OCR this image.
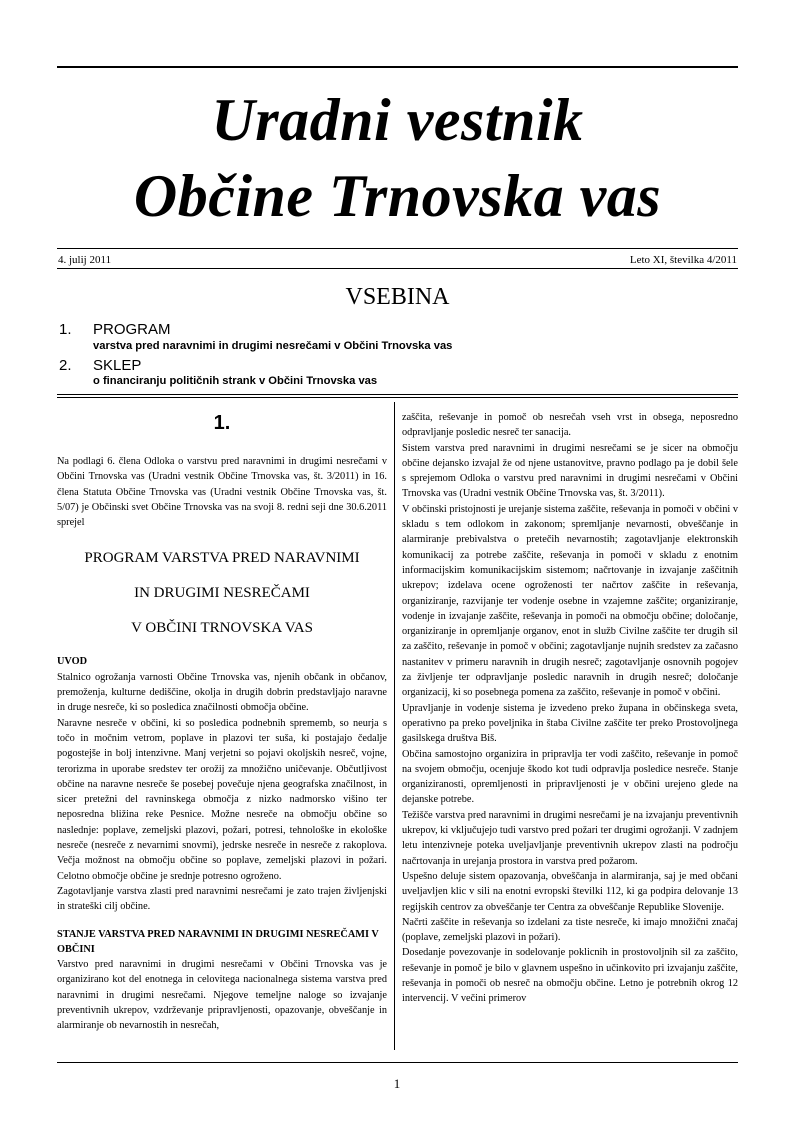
Uradni vestnik
Občine Trnovska vas
4. julij 2011	Leto XI, številka 4/2011
VSEBINA
1. PROGRAM
varstva pred naravnimi in drugimi nesrečami v Občini Trnovska vas
2. SKLEP
o financiranju političnih strank v Občini Trnovska vas

1.

Na podlagi 6. člena Odloka o varstvu pred naravnimi in drugimi nesrečami v Občini Trnovska vas (Uradni vestnik Občine Trnovska vas, št. 3/2011) in 16. člena Statuta Občine Trnovska vas (Uradni vestnik Občine Trnovska vas, št. 5/07) je Občinski svet Občine Trnovska vas na svoji 8. redni seji dne 30.6.2011 sprejel

PROGRAM VARSTVA PRED NARAVNIMI
IN DRUGIMI NESREČAMI
V OBČINI TRNOVSKA VAS

UVOD

Stalnico ogrožanja varnosti Občine Trnovska vas, njenih občank in občanov, premoženja, kulturne dediščine, okolja in drugih dobrin predstavljajo naravne in druge nesreče, ki so posledica značilnosti območja občine.

Naravne nesreče v občini, ki so posledica podnebnih sprememb, so neurja s točo in močnim vetrom, poplave in plazovi ter suša, ki postajajo čedalje pogostejše in bolj intenzivne. Manj verjetni so pojavi okoljskih nesreč, vojne, terorizma in uporabe sredstev ter orožij za množično uničevanje. Občutljivost občine na naravne nesreče še posebej povečuje njena geografska značilnost, in sicer pretežni del ravninskega območja z nizko nadmorsko višino ter neposredna bližina reke Pesnice. Možne nesreče na območju občine so naslednje: poplave, zemeljski plazovi, požari, potresi, tehnološke in ekološke nesreče (nesreče z nevarnimi snovmi), jedrske nesreče in nesreče z rakoplova. Večja možnost na območju občine so poplave, zemeljski plazovi in požari. Celotno območje občine je srednje potresno ogroženo.

Zagotavljanje varstva zlasti pred naravnimi nesrečami je zato trajen življenjski in strateški cilj občine.

STANJE VARSTVA PRED NARAVNIMI IN DRUGIMI NESREČAMI V OBČINI

Varstvo pred naravnimi in drugimi nesrečami v Občini Trnovska vas je organizirano kot del enotnega in celovitega nacionalnega sistema varstva pred naravnimi in drugimi nesrečami. Njegove temeljne naloge so izvajanje preventivnih ukrepov, vzdrževanje pripravljenosti, opazovanje, obveščanje in alarmiranje ob nevarnostih in nesrečah,

zaščita, reševanje in pomoč ob nesrečah vseh vrst in obsega, neposredno odpravljanje posledic nesreč ter sanacija.

Sistem varstva pred naravnimi in drugimi nesrečami se je sicer na območju občine dejansko izvajal že od njene ustanovitve, pravno podlago pa je dobil šele s sprejemom Odloka o varstvu pred naravnimi in drugimi nesrečami v Občini Trnovska vas (Uradni vestnik Občine Trnovska vas, št. 3/2011).

V občinski pristojnosti je urejanje sistema zaščite, reševanja in pomoči v občini v skladu s tem odlokom in zakonom; spremljanje nevarnosti, obveščanje in alarmiranje prebivalstva o pretečih nevarnostih; zagotavljanje elektronskih komunikacij za potrebe zaščite, reševanja in pomoči v skladu z enotnim informacijskim komunikacijskim sistemom; načrtovanje in izvajanje zaščitnih ukrepov; izdelava ocene ogroženosti ter načrtov zaščite in reševanja, organiziranje, razvijanje ter vodenje osebne in vzajemne zaščite; organiziranje, vodenje in izvajanje zaščite, reševanja in pomoči na območju občine; določanje, organiziranje in opremljanje organov, enot in služb Civilne zaščite ter drugih sil za zaščito, reševanje in pomoč v občini; zagotavljanje nujnih sredstev za začasno nastanitev v primeru naravnih in drugih nesreč; zagotavljanje osnovnih pogojev za življenje ter odpravljanje posledic naravnih in drugih nesreč; določanje organizacij, ki so posebnega pomena za zaščito, reševanje in pomoč v občini.

Upravljanje in vodenje sistema je izvedeno preko župana in občinskega sveta, operativno pa preko poveljnika in štaba Civilne zaščite ter preko Prostovoljnega gasilskega društva Biš.

Občina samostojno organizira in pripravlja ter vodi zaščito, reševanje in pomoč na svojem območju, ocenjuje škodo kot tudi odpravlja posledice nesreče. Stanje organiziranosti, opremljenosti in pripravljenosti je v občini urejeno glede na dejanske potrebe.

Težišče varstva pred naravnimi in drugimi nesrečami je na izvajanju preventivnih ukrepov, ki vključujejo tudi varstvo pred požari ter drugimi ogrožanji. V zadnjem letu intenzivneje poteka uveljavljanje preventivnih ukrepov zlasti na področju načrtovanja in urejanja prostora in varstva pred požarom.

Uspešno deluje sistem opazovanja, obveščanja in alarmiranja, saj je med občani uveljavljen klic v sili na enotni evropski številki 112, ki ga podpira delovanje 13 regijskih centrov za obveščanje ter Centra za obveščanje Republike Slovenije.

Načrti zaščite in reševanja so izdelani za tiste nesreče, ki imajo množični značaj (poplave, zemeljski plazovi in požari).

Dosedanje povezovanje in sodelovanje poklicnih in prostovoljnih sil za zaščito, reševanje in pomoč je bilo v glavnem uspešno in učinkovito pri izvajanju zaščite, reševanja in pomoči ob nesreč na območju občine. Letno je potrebnih okrog 12 intervencij. V večini primerov

1
